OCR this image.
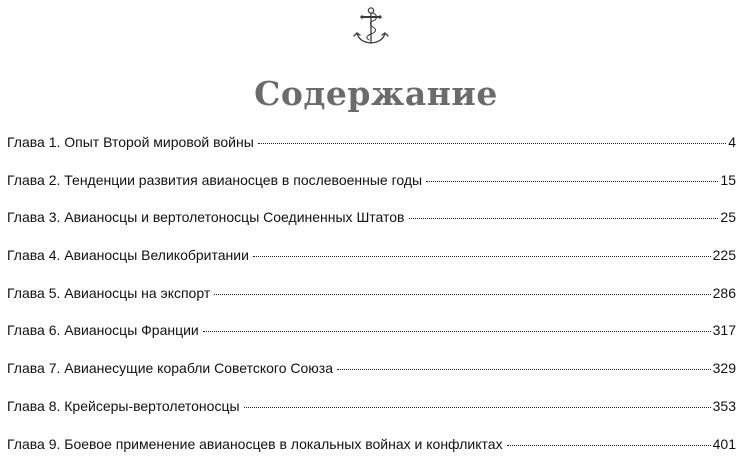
Содержание
Глава 1. Опыт Второй мировой войны	4
Глава 2. Тенденции развития авианосцев в послевоенные годы	15
Глава 3. Авианосцы и вертолетоносцы Соединенных Штатов	25
Глава 4. Авианосцы Великобритании	225
Глава 5. Авианосцы на экспорт	286
Глава 6. Авианосцы Франции	317
Глава 7. Авианесущие корабли Советского Союза	329
Глава 8. Крейсеры-вертолетоносцы	353
Глава 9. Боевое применение авианосцев в локальных войнах и конфликтах	401
